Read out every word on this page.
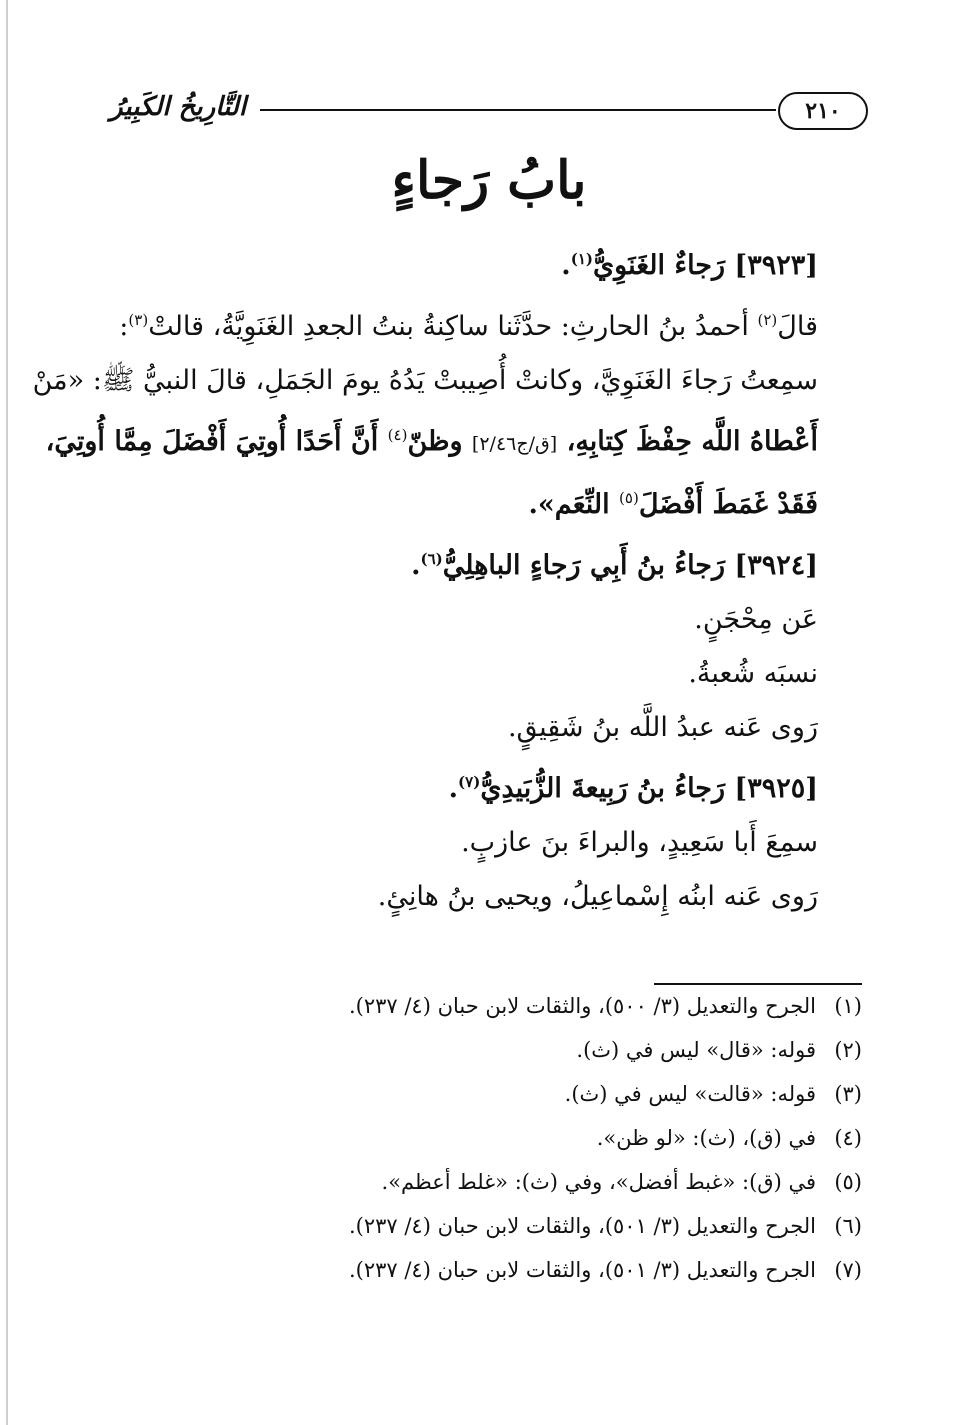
٢١٠
التَّارِيخُ الكَبِيرُ
بابُ رَجاءٍ
[٣٩٢٣] رَجاءٌ الغَنَوِيُّ$^{(١)}$.
قالَ$^{(٢)}$ أحمدُ بنُ الحارثِ: حدَّثَنا ساكِنةُ بنتُ الجعدِ الغَنَوِيَّةُ، قالتْ$^{(٣)}$:
سمِعتُ رَجاءَ الغَنَوِيَّ، وكانتْ أُصِيبتْ يَدُهُ يومَ الجَمَلِ، قالَ النبيُّ ﷺ: «مَنْ
أَعْطاهُ اللَّه حِفْظَ كِتابِهِ، [ق/ج٢/٤٦] وظنّ$^{(٤)}$ أَنَّ أَحَدًا أُوتِيَ أَفْضَلَ مِمَّا أُوتِيَ،
فَقَدْ غَمَطَ أَفْضَلَ$^{(٥)}$ النِّعَم».
[٣٩٢٤] رَجاءُ بنُ أَبِي رَجاءٍ الباهِلِيُّ$^{(٦)}$.
عَن مِحْجَنٍ.
نسبَه شُعبةُ.
رَوى عَنه عبدُ اللَّه بنُ شَقِيقٍ.
[٣٩٢٥] رَجاءُ بنُ رَبِيعةَ الزُّبَيدِيُّ$^{(٧)}$.
سمِعَ أَبا سَعِيدٍ، والبراءَ بنَ عازبٍ.
رَوى عَنه ابنُه إِسْماعِيلُ، ويحيى بنُ هانِئٍ.
(١)
الجرح والتعديل (٣/ ٥٠٠)، والثقات لابن حبان (٤/ ٢٣٧).
(٢)
قوله: «قال» ليس في (ث).
(٣)
قوله: «قالت» ليس في (ث).
(٤)
في (ق)، (ث): «لو ظن».
(٥)
في (ق): «غبط أفضل»، وفي (ث): «غلط أعظم».
(٦)
الجرح والتعديل (٣/ ٥٠١)، والثقات لابن حبان (٤/ ٢٣٧).
(٧)
الجرح والتعديل (٣/ ٥٠١)، والثقات لابن حبان (٤/ ٢٣٧).
